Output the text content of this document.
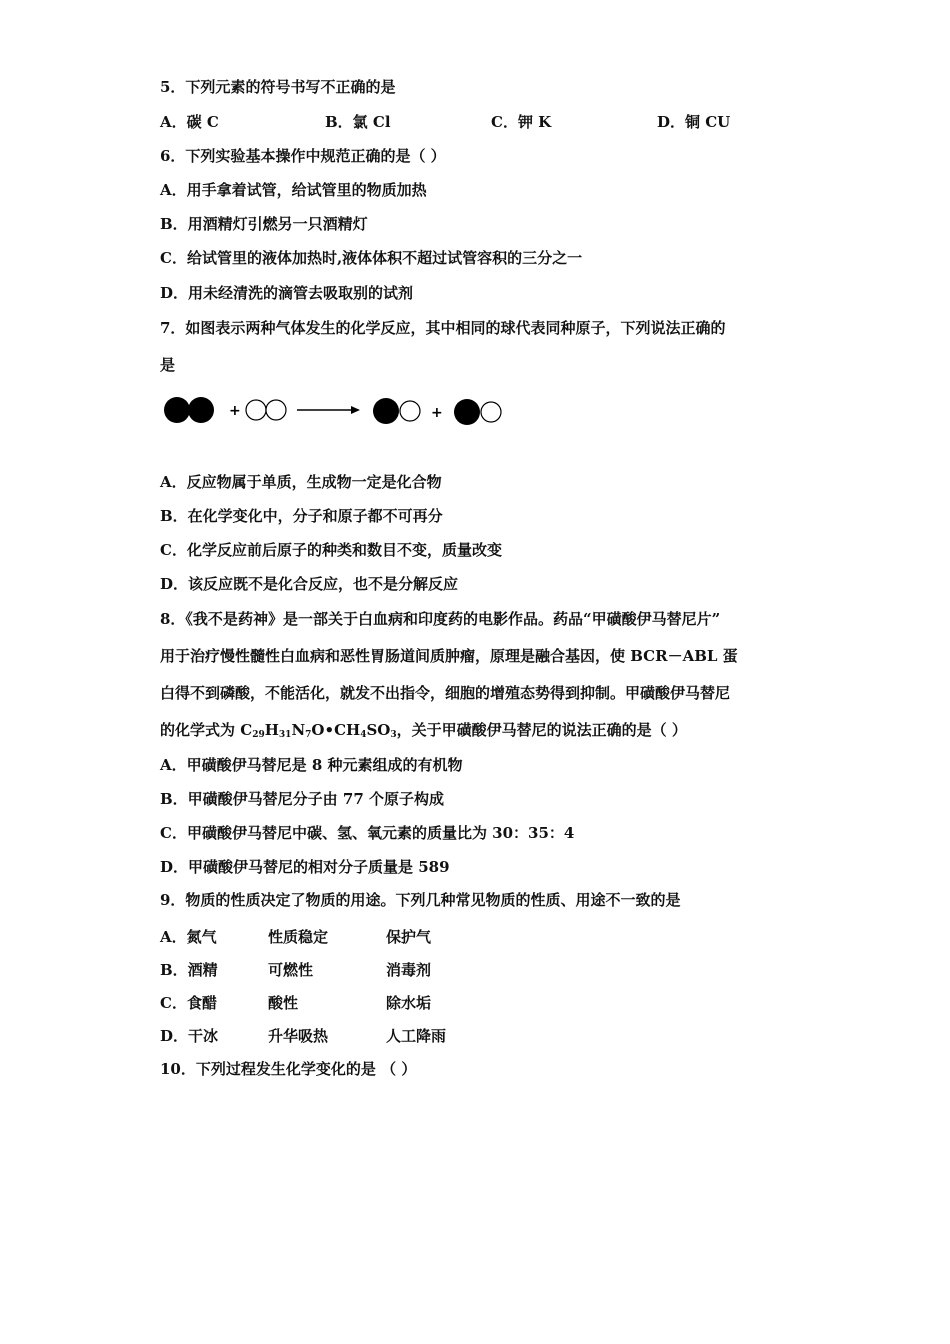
5．下列元素的符号书写不正确的是
A．碳 C	B．氯 Cl	C．钾 K	D．铜 CU
6．下列实验基本操作中规范正确的是（ ）
A．用手拿着试管，给试管里的物质加热
B．用酒精灯引燃另一只酒精灯
C．给试管里的液体加热时,液体体积不超过试管容积的三分之一
D．用未经清洗的滴管去吸取别的试剂
7．如图表示两种气体发生的化学反应，其中相同的球代表同种原子，下列说法正确的
是
+	+
A．反应物属于单质，生成物一定是化合物
B．在化学变化中，分子和原子都不可再分
C．化学反应前后原子的种类和数目不变，质量改变
D．该反应既不是化合反应，也不是分解反应
8．《我不是药神》是一部关于白血病和印度药的电影作品。药品“甲磺酸伊马替尼片”
用于治疗慢性髓性白血病和恶性胃肠道间质肿瘤，原理是融合基因，使 BCR－ABL 蛋
白得不到磷酸，不能活化，就发不出指令，细胞的增殖态势得到抑制。甲磺酸伊马替尼
的化学式为 $C_{29}H_{31}N_7O•CH_4SO_3$，关于甲磺酸伊马替尼的说法正确的是（ ）
A．甲磺酸伊马替尼是 8 种元素组成的有机物
B．甲磺酸伊马替尼分子由 77 个原子构成
C．甲磺酸伊马替尼中碳、氢、氧元素的质量比为 30：35：4
D．甲磺酸伊马替尼的相对分子质量是 589
9．物质的性质决定了物质的用途。下列几种常见物质的性质、用途不一致的是
A．氮气	性质稳定	保护气
B．酒精	可燃性	消毒剂
C．食醋	酸性	除水垢
D．干冰	升华吸热	人工降雨
10．下列过程发生化学变化的是 （ ）
